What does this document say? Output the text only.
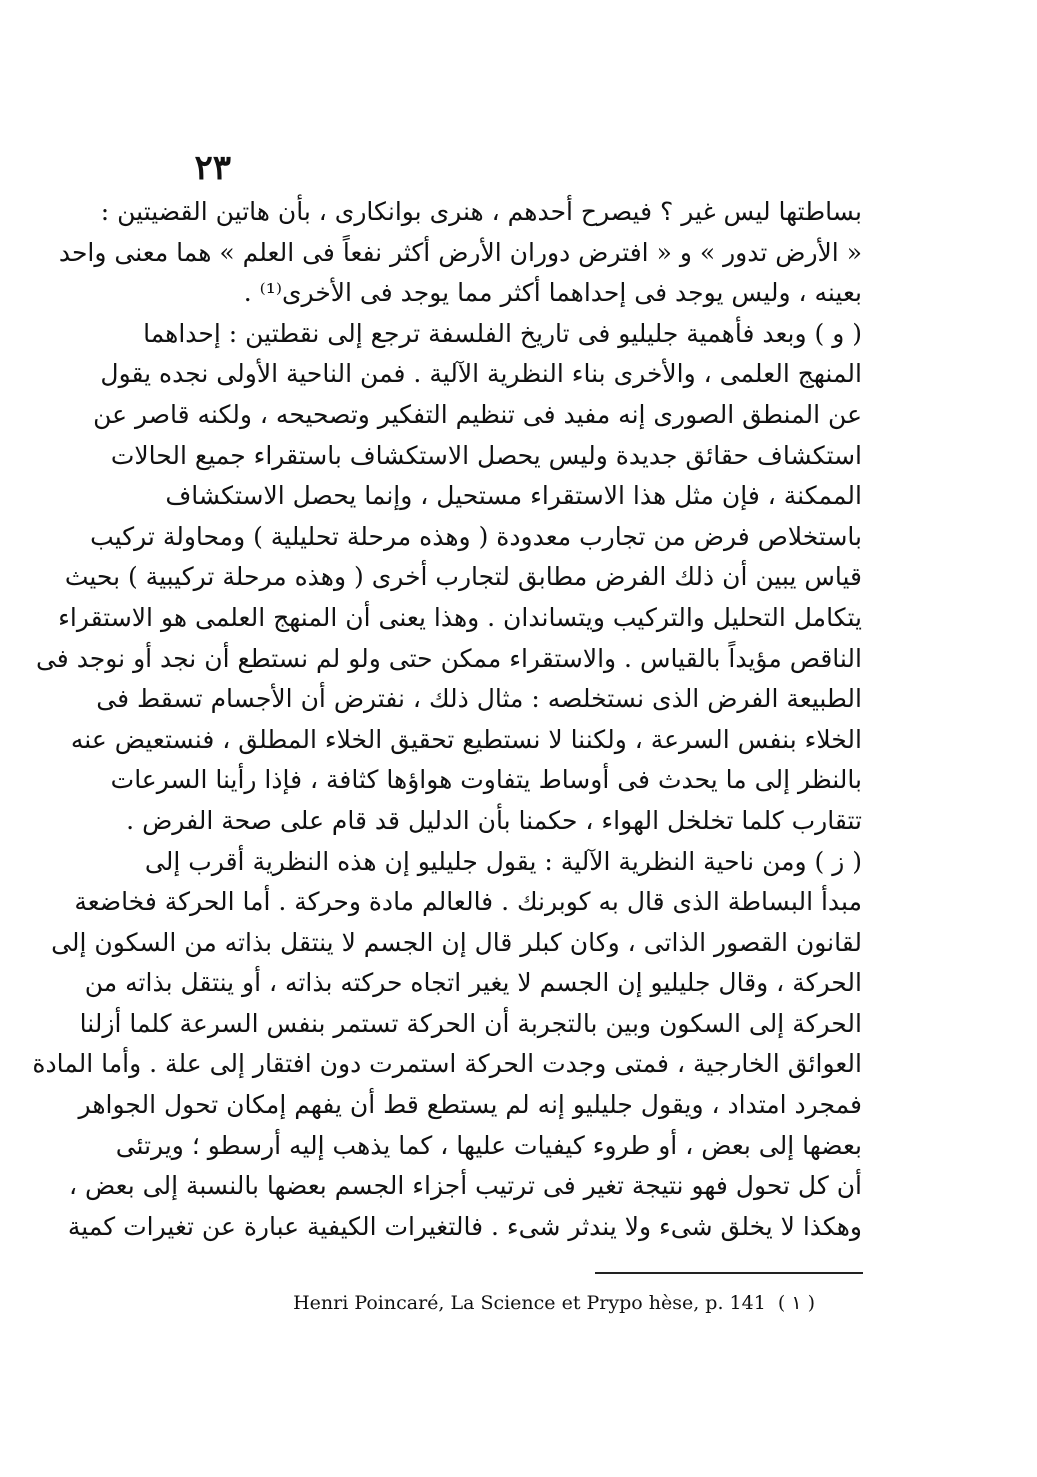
٢٣
بساطتها ليس غير ؟ فيصرح أحدهم ، هنرى بوانكارى ، بأن هاتين القضيتين :
« الأرض تدور » و « افترض دوران الأرض أكثر نفعاً فى العلم » هما معنى واحد
بعينه ، وليس يوجد فى إحداهما أكثر مما يوجد فى الأخرى⁽¹⁾ .
( و ) وبعد فأهمية جليليو فى تاريخ الفلسفة ترجع إلى نقطتين : إحداهما
المنهج العلمى ، والأخرى بناء النظرية الآلية . فمن الناحية الأولى نجده يقول
عن المنطق الصورى إنه مفيد فى تنظيم التفكير وتصحيحه ، ولكنه قاصر عن
استكشاف حقائق جديدة وليس يحصل الاستكشاف باستقراء جميع الحالات
الممكنة ، فإن مثل هذا الاستقراء مستحيل ، وإنما يحصل الاستكشاف
باستخلاص فرض من تجارب معدودة ( وهذه مرحلة تحليلية ) ومحاولة تركيب
قياس يبين أن ذلك الفرض مطابق لتجارب أخرى ( وهذه مرحلة تركيبية ) بحيث
يتكامل التحليل والتركيب ويتساندان . وهذا يعنى أن المنهج العلمى هو الاستقراء
الناقص مؤيداً بالقياس . والاستقراء ممكن حتى ولو لم نستطع أن نجد أو نوجد فى
الطبيعة الفرض الذى نستخلصه : مثال ذلك ، نفترض أن الأجسام تسقط فى
الخلاء بنفس السرعة ، ولكننا لا نستطيع تحقيق الخلاء المطلق ، فنستعيض عنه
بالنظر إلى ما يحدث فى أوساط يتفاوت هواؤها كثافة ، فإذا رأينا السرعات
تتقارب كلما تخلخل الهواء ، حكمنا بأن الدليل قد قام على صحة الفرض .
( ز ) ومن ناحية النظرية الآلية : يقول جليليو إن هذه النظرية أقرب إلى
مبدأ البساطة الذى قال به كوبرنك . فالعالم مادة وحركة . أما الحركة فخاضعة
لقانون القصور الذاتى ، وكان كبلر قال إن الجسم لا ينتقل بذاته من السكون إلى
الحركة ، وقال جليليو إن الجسم لا يغير اتجاه حركته بذاته ، أو ينتقل بذاته من
الحركة إلى السكون وبين بالتجربة أن الحركة تستمر بنفس السرعة كلما أزلنا
العوائق الخارجية ، فمتى وجدت الحركة استمرت دون افتقار إلى علة . وأما المادة
فمجرد امتداد ، ويقول جليليو إنه لم يستطع قط أن يفهم إمكان تحول الجواهر
بعضها إلى بعض ، أو طروء كيفيات عليها ، كما يذهب إليه أرسطو ؛ ويرتئى
أن كل تحول فهو نتيجة تغير فى ترتيب أجزاء الجسم بعضها بالنسبة إلى بعض ،
وهكذا لا يخلق شىء ولا يندثر شىء . فالتغيرات الكيفية عبارة عن تغيرات كمية
Henri Poincaré, La Science et Prypo hèse, p. 141 ( ١ )
